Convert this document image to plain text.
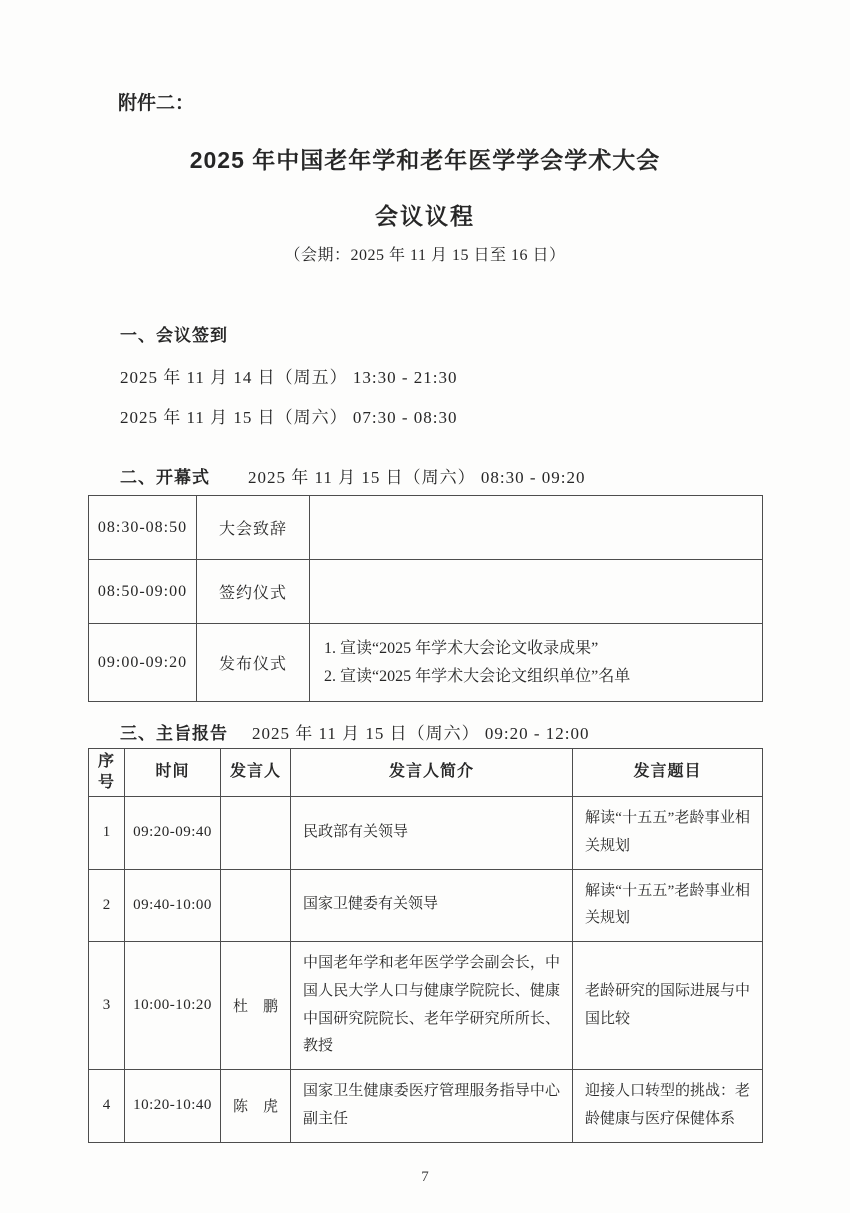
附件二：
2025 年中国老年学和老年医学学会学术大会
会议议程
（会期：2025 年 11 月 15 日至 16 日）
一、会议签到
2025 年 11 月 14 日（周五） 13:30 - 21:30
2025 年 11 月 15 日（周六） 07:30 - 08:30
二、开幕式 2025 年 11 月 15 日（周六） 08:30 - 09:20
08:30-08:50	大会致辞	
08:50-09:00	签约仪式	
09:00-09:20	发布仪式	1. 宣读“2025 年学术大会论文收录成果”
2. 宣读“2025 年学术大会论文组织单位”名单
三、主旨报告 2025 年 11 月 15 日（周六） 09:20 - 12:00
序号	时间	发言人	发言人简介	发言题目
1	09:20-09:40		民政部有关领导	解读“十五五”老龄事业相关规划
2	09:40-10:00		国家卫健委有关领导	解读“十五五”老龄事业相关规划
3	10:00-10:20	杜　鹏	中国老年学和老年医学学会副会长，中国人民大学人口与健康学院院长、健康中国研究院院长、老年学研究所所长、教授	老龄研究的国际进展与中国比较
4	10:20-10:40	陈　虎	国家卫生健康委医疗管理服务指导中心副主任	迎接人口转型的挑战：老龄健康与医疗保健体系
7
